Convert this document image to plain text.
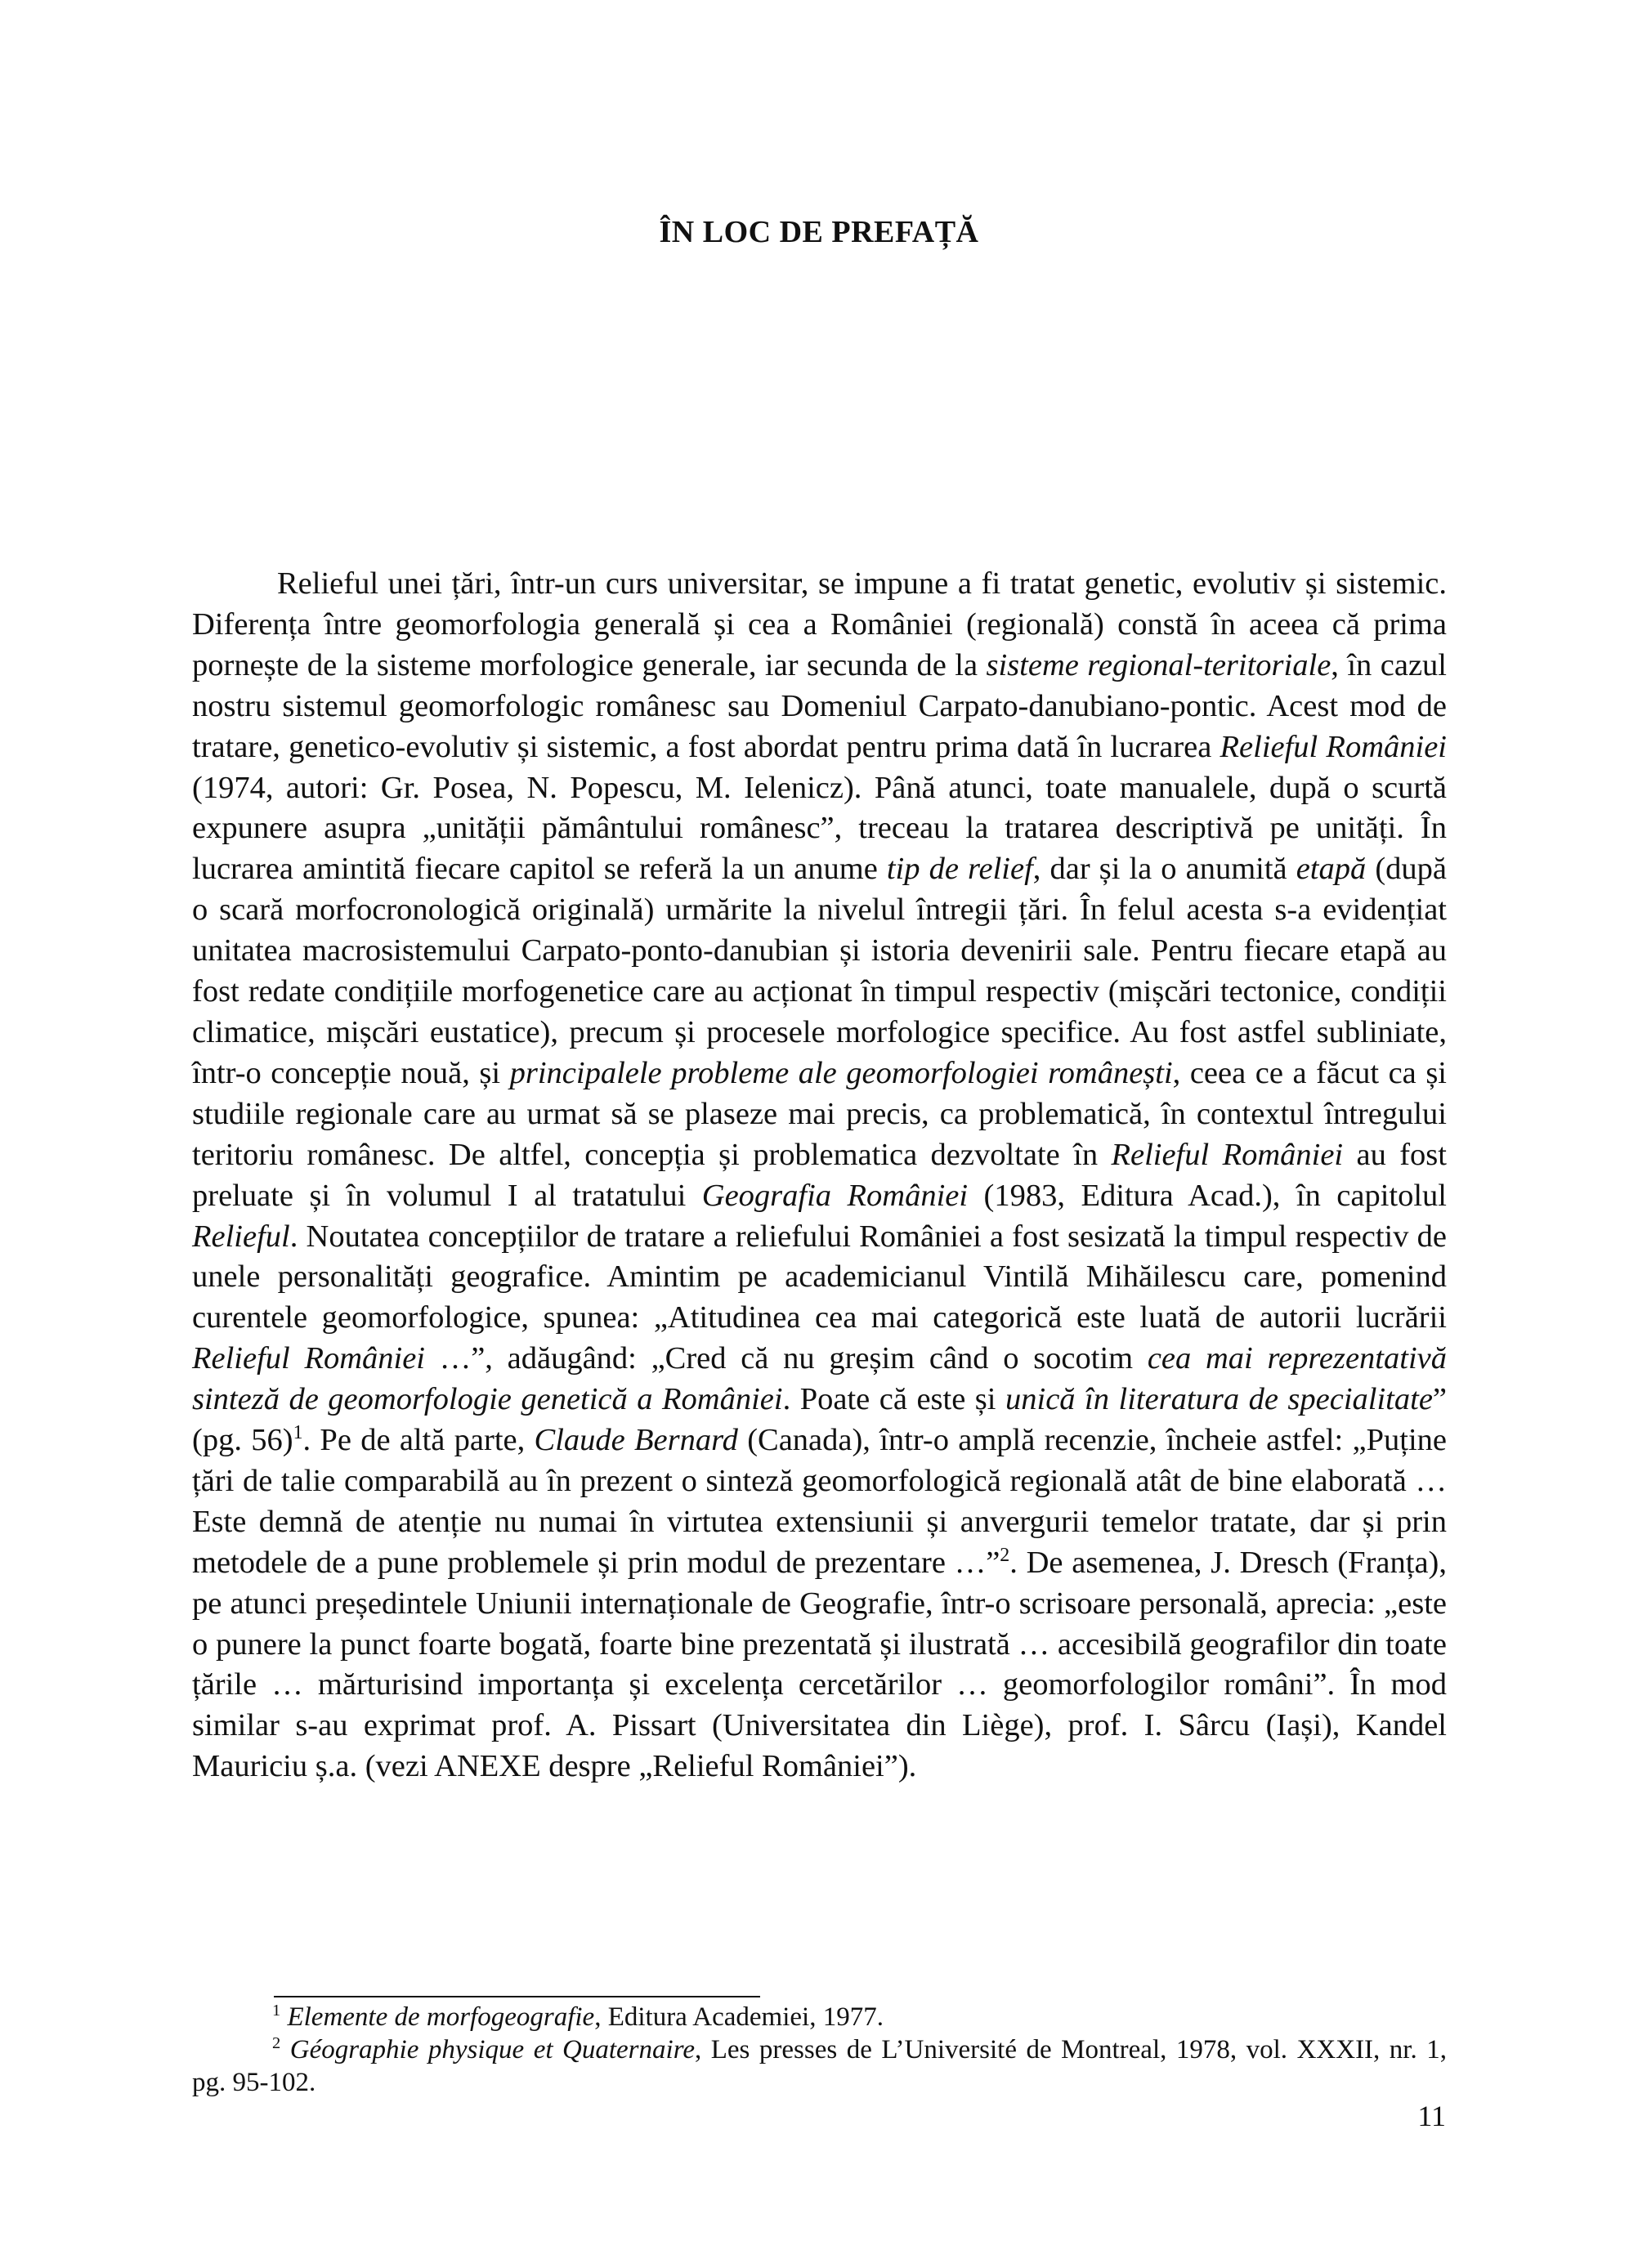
ÎN LOC DE PREFAȚĂ

Relieful unei țări, într-un curs universitar, se impune a fi tratat genetic, evolutiv și sistemic. Diferența între geomorfologia generală și cea a României (regională) constă în aceea că prima pornește de la sisteme morfologice generale, iar secunda de la sisteme regional-teritoriale, în cazul nostru sistemul geomorfologic românesc sau Domeniul Carpato-danubiano-pontic. Acest mod de tratare, genetico-evolutiv și sistemic, a fost abordat pentru prima dată în lucrarea Relieful României (1974, autori: Gr. Posea, N. Popescu, M. Ielenicz). Până atunci, toate manualele, după o scurtă expunere asupra „unității pământului românesc”, treceau la tratarea descriptivă pe unități. În lucrarea amintită fiecare capitol se referă la un anume tip de relief, dar și la o anumită etapă (după o scară morfocronologică originală) urmărite la nivelul întregii țări. În felul acesta s-a evidențiat unitatea macrosistemului Carpato-ponto-danubian și istoria devenirii sale. Pentru fiecare etapă au fost redate condițiile morfogenetice care au acționat în timpul respectiv (mișcări tectonice, condiții climatice, mișcări eustatice), precum și procesele morfologice specifice. Au fost astfel subliniate, într-o concepție nouă, și principalele probleme ale geomorfologiei românești, ceea ce a făcut ca și studiile regionale care au urmat să se plaseze mai precis, ca problematică, în contextul întregului teritoriu românesc. De altfel, concepția și problematica dezvoltate în Relieful României au fost preluate și în volumul I al tratatului Geografia României (1983, Editura Acad.), în capitolul Relieful. Noutatea concepțiilor de tratare a reliefului României a fost sesizată la timpul respectiv de unele personalități geografice. Amintim pe academicianul Vintilă Mihăilescu care, pomenind curentele geomorfologice, spunea: „Atitudinea cea mai categorică este luată de autorii lucrării Relieful României …”, adăugând: „Cred că nu greșim când o socotim cea mai reprezentativă sinteză de geomorfologie genetică a României. Poate că este și unică în literatura de specialitate” (pg. 56)$^1$. Pe de altă parte, Claude Bernard (Canada), într-o amplă recenzie, încheie astfel: „Puține țări de talie comparabilă au în prezent o sinteză geomorfologică regională atât de bine elaborată … Este demnă de atenție nu numai în virtutea extensiunii și anvergurii temelor tratate, dar și prin metodele de a pune problemele și prin modul de prezentare …”$^2$. De asemenea, J. Dresch (Franța), pe atunci președintele Uniunii internaționale de Geografie, într-o scrisoare personală, aprecia: „este o punere la punct foarte bogată, foarte bine prezentată și ilustrată … accesibilă geografilor din toate țările … mărturisind importanța și excelența cercetărilor … geomorfologilor români”. În mod similar s-au exprimat prof. A. Pissart (Universitatea din Liège), prof. I. Sârcu (Iași), Kandel Mauriciu ș.a. (vezi ANEXE despre „Relieful României”).

$^1$ Elemente de morfogeografie, Editura Academiei, 1977.

$^2$ Géographie physique et Quaternaire, Les presses de L’Université de Montreal, 1978, vol. XXXII, nr. 1, pg. 95-102.

11
